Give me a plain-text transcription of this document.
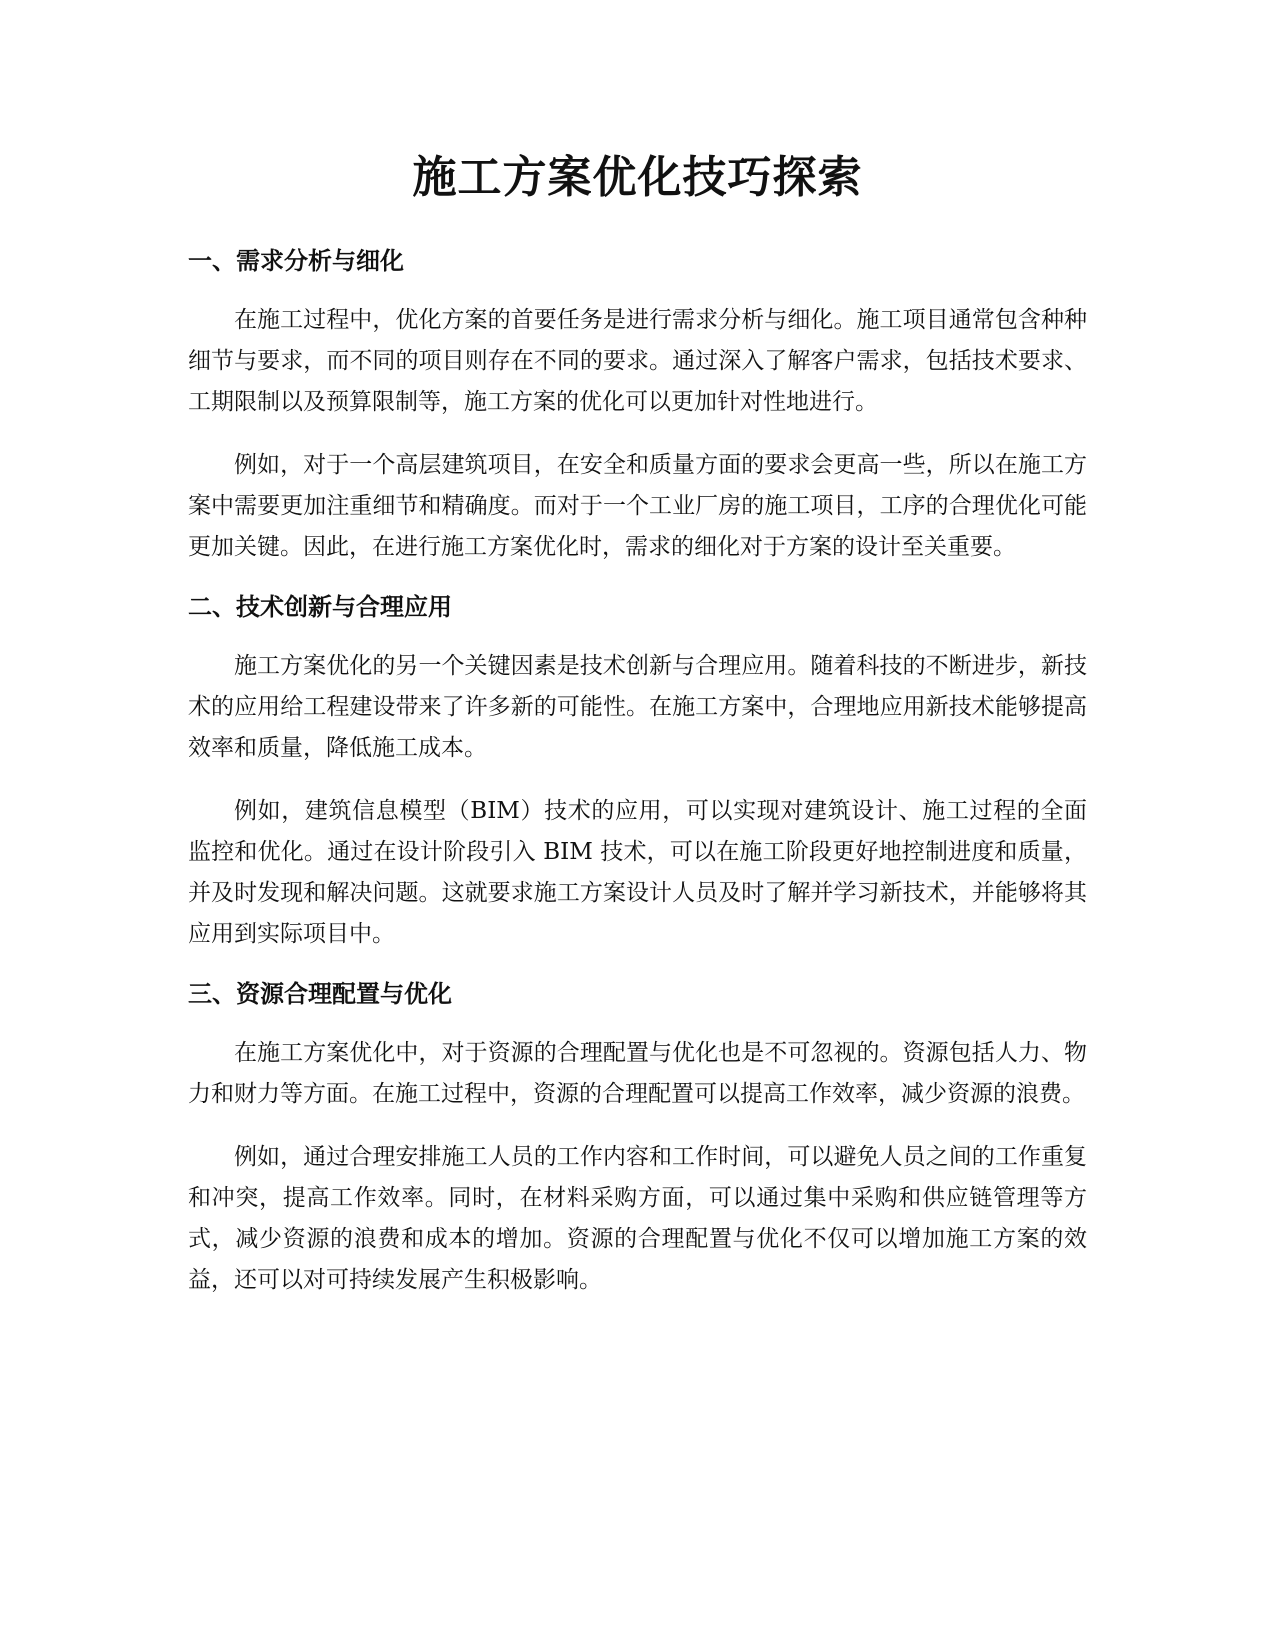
施工方案优化技巧探索
一、需求分析与细化

在施工过程中，优化方案的首要任务是进行需求分析与细化。施工项目通常包含种种细节与要求，而不同的项目则存在不同的要求。通过深入了解客户需求，包括技术要求、工期限制以及预算限制等，施工方案的优化可以更加针对性地进行。

例如，对于一个高层建筑项目，在安全和质量方面的要求会更高一些，所以在施工方案中需要更加注重细节和精确度。而对于一个工业厂房的施工项目，工序的合理优化可能更加关键。因此，在进行施工方案优化时，需求的细化对于方案的设计至关重要。

二、技术创新与合理应用

施工方案优化的另一个关键因素是技术创新与合理应用。随着科技的不断进步，新技术的应用给工程建设带来了许多新的可能性。在施工方案中，合理地应用新技术能够提高效率和质量，降低施工成本。

例如，建筑信息模型（BIM）技术的应用，可以实现对建筑设计、施工过程的全面监控和优化。通过在设计阶段引入 BIM 技术，可以在施工阶段更好地控制进度和质量，并及时发现和解决问题。这就要求施工方案设计人员及时了解并学习新技术，并能够将其应用到实际项目中。

三、资源合理配置与优化

在施工方案优化中，对于资源的合理配置与优化也是不可忽视的。资源包括人力、物力和财力等方面。在施工过程中，资源的合理配置可以提高工作效率，减少资源的浪费。

例如，通过合理安排施工人员的工作内容和工作时间，可以避免人员之间的工作重复和冲突，提高工作效率。同时，在材料采购方面，可以通过集中采购和供应链管理等方式，减少资源的浪费和成本的增加。资源的合理配置与优化不仅可以增加施工方案的效益，还可以对可持续发展产生积极影响。
